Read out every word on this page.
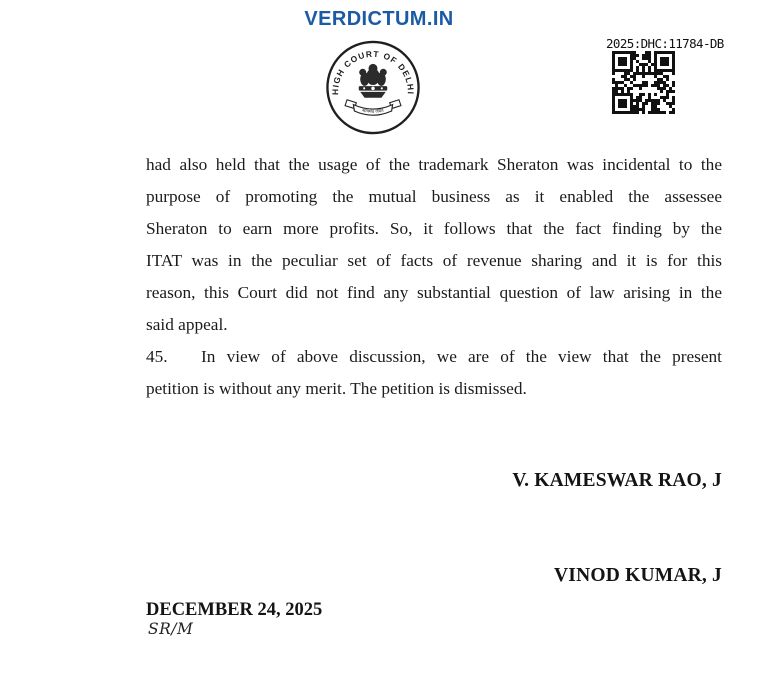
VERDICTUM.IN
HIGH COURT OF DELHI
सत्यमेव जयते
2025:DHC:11784-DB
had also held that the usage of the trademark Sheraton was incidental to the
purpose of promoting the mutual business as it enabled the assessee
Sheraton to earn more profits. So, it follows that the fact finding by the
ITAT was in the peculiar set of facts of revenue sharing and it is for this
reason, this Court did not find any substantial question of law arising in the
said appeal.
45.   In view of above discussion, we are of the view that the present
petition is without any merit. The petition is dismissed.
V. KAMESWAR RAO, J
VINOD KUMAR, J
DECEMBER 24, 2025
SR/M
